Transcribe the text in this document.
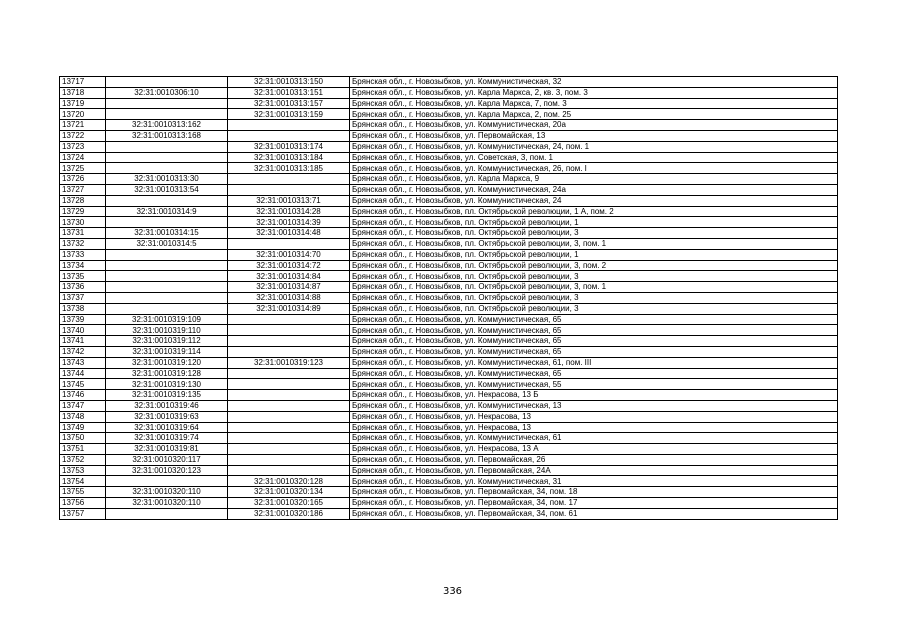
13717		32:31:0010313:150	Брянская обл., г. Новозыбков, ул. Коммунистическая, 32
13718	32:31:0010306:10	32:31:0010313:151	Брянская обл., г. Новозыбков, ул. Карла Маркса, 2, кв. 3, пом. 3
13719		32:31:0010313:157	Брянская обл., г. Новозыбков, ул. Карла Маркса, 7, пом. 3
13720		32:31:0010313:159	Брянская обл., г. Новозыбков, ул. Карла Маркса, 2, пом. 25
13721	32:31:0010313:162		Брянская обл., г. Новозыбков, ул. Коммунистическая, 20а
13722	32:31:0010313:168		Брянская обл., г. Новозыбков, ул. Первомайская, 13
13723		32:31:0010313:174	Брянская обл., г. Новозыбков, ул. Коммунистическая, 24, пом. 1
13724		32:31:0010313:184	Брянская обл., г. Новозыбков, ул. Советская, 3, пом. 1
13725		32:31:0010313:185	Брянская обл., г. Новозыбков, ул. Коммунистическая, 26, пом. I
13726	32:31:0010313:30		Брянская обл., г. Новозыбков, ул. Карла Маркса, 9
13727	32:31:0010313:54		Брянская обл., г. Новозыбков, ул. Коммунистическая, 24а
13728		32:31:0010313:71	Брянская обл., г. Новозыбков, ул. Коммунистическая, 24
13729	32:31:0010314:9	32:31:0010314:28	Брянская обл., г. Новозыбков, пл. Октябрьской революции, 1 А, пом. 2
13730		32:31:0010314:39	Брянская обл., г. Новозыбков, пл. Октябрьской революции, 1
13731	32:31:0010314:15	32:31:0010314:48	Брянская обл., г. Новозыбков, пл. Октябрьской революции, 3
13732	32:31:0010314:5		Брянская обл., г. Новозыбков, пл. Октябрьской революции, 3, пом. 1
13733		32:31:0010314:70	Брянская обл., г. Новозыбков, пл. Октябрьской революции, 1
13734		32:31:0010314:72	Брянская обл., г. Новозыбков, пл. Октябрьской революции, 3, пом. 2
13735		32:31:0010314:84	Брянская обл., г. Новозыбков, пл. Октябрьской революции, 3
13736		32:31:0010314:87	Брянская обл., г. Новозыбков, пл. Октябрьской революции, 3, пом. 1
13737		32:31:0010314:88	Брянская обл., г. Новозыбков, пл. Октябрьской революции, 3
13738		32:31:0010314:89	Брянская обл., г. Новозыбков, пл. Октябрьской революции, 3
13739	32:31:0010319:109		Брянская обл., г. Новозыбков, ул. Коммунистическая, 65
13740	32:31:0010319:110		Брянская обл., г. Новозыбков, ул. Коммунистическая, 65
13741	32:31:0010319:112		Брянская обл., г. Новозыбков, ул. Коммунистическая, 65
13742	32:31:0010319:114		Брянская обл., г. Новозыбков, ул. Коммунистическая, 65
13743	32:31:0010319:120	32:31:0010319:123	Брянская обл., г. Новозыбков, ул. Коммунистическая, 61, пом. III
13744	32:31:0010319:128		Брянская обл., г. Новозыбков, ул. Коммунистическая, 65
13745	32:31:0010319:130		Брянская обл., г. Новозыбков, ул. Коммунистическая, 55
13746	32:31:0010319:135		Брянская обл., г. Новозыбков, ул. Некрасова, 13 Б
13747	32:31:0010319:46		Брянская обл., г. Новозыбков, ул. Коммунистическая, 13
13748	32:31:0010319:63		Брянская обл., г. Новозыбков, ул. Некрасова, 13
13749	32:31:0010319:64		Брянская обл., г. Новозыбков, ул. Некрасова, 13
13750	32:31:0010319:74		Брянская обл., г. Новозыбков, ул. Коммунистическая, 61
13751	32:31:0010319:81		Брянская обл., г. Новозыбков, ул. Некрасова, 13 А
13752	32:31:0010320:117		Брянская обл., г. Новозыбков, ул. Первомайская, 26
13753	32:31:0010320:123		Брянская обл., г. Новозыбков, ул. Первомайская, 24А
13754		32:31:0010320:128	Брянская обл., г. Новозыбков, ул. Коммунистическая, 31
13755	32:31:0010320:110	32:31:0010320:134	Брянская обл., г. Новозыбков, ул. Первомайская, 34, пом. 18
13756	32:31:0010320:110	32:31:0010320:165	Брянская обл., г. Новозыбков, ул. Первомайская, 34, пом. 17
13757		32:31:0010320:186	Брянская обл., г. Новозыбков, ул. Первомайская, 34, пом. 61
336
